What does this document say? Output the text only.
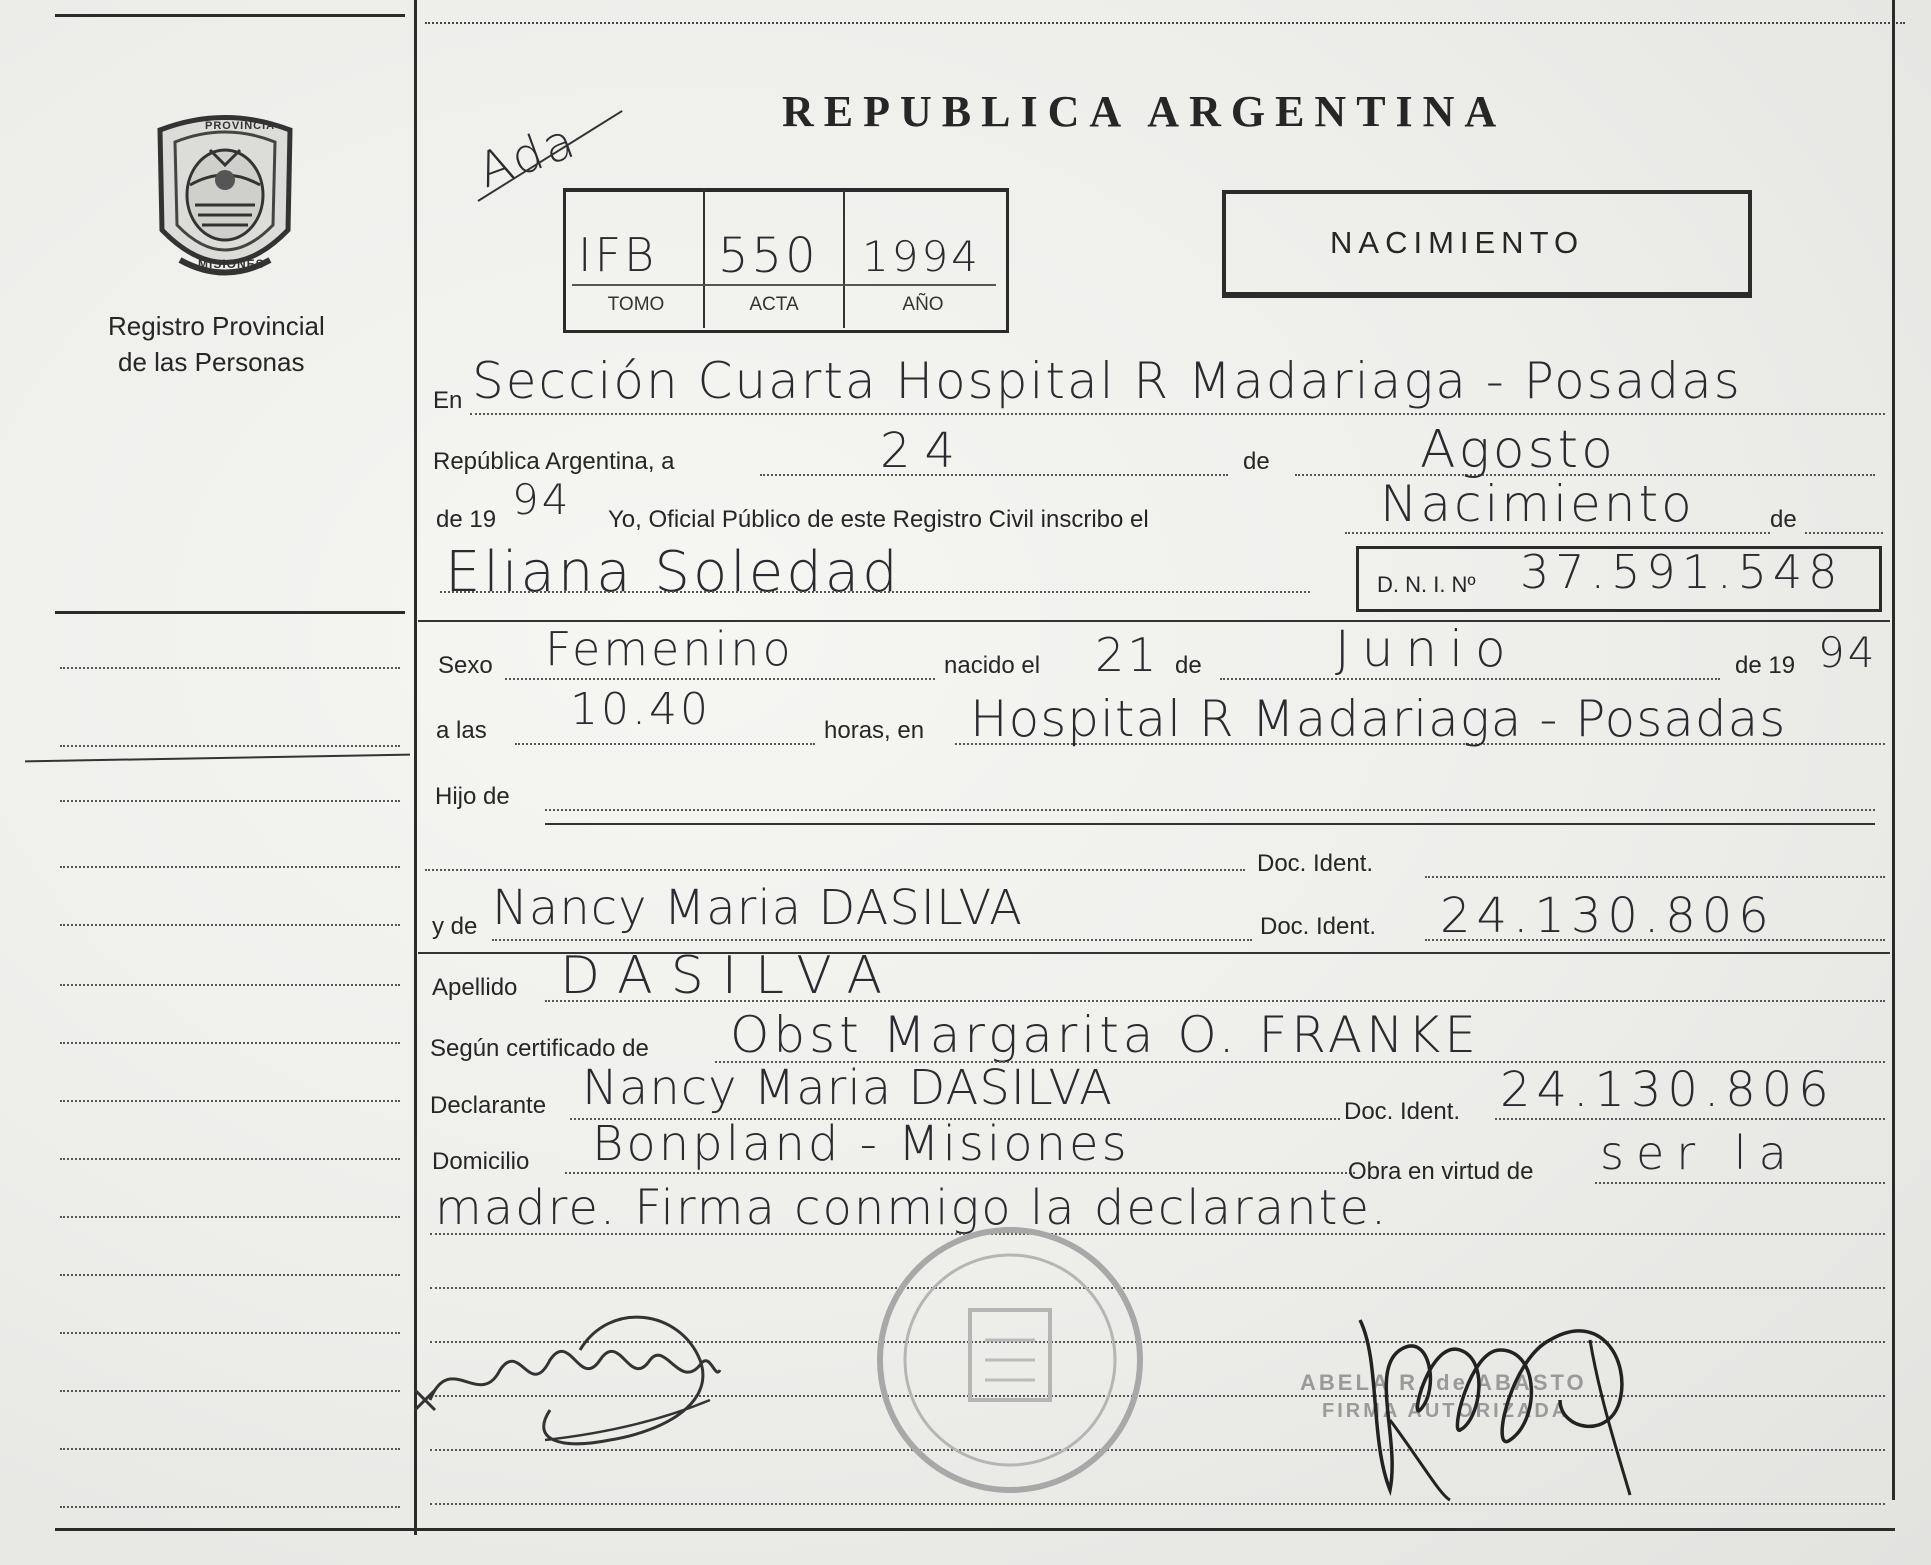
PROVINCIA
MISIONES
Registro Provincial
de las Personas
REPUBLICA ARGENTINA
Ada
IFB 550 1994
TOMO	ACTA	AÑO
NACIMIENTO
En Sección Cuarta Hospital R Madariaga - Posadas
República Argentina, a	de
24	Agosto
de 19 94 Yo, Oficial Público de este Registro Civil inscribo el	Nacimiento	de
Eliana Soledad	D. N. I. Nº 37.591.548
Sexo Femenino	nacido el 21 de	Junio	de 19 94
a las 10.40	horas, en Hospital R Madariaga - Posadas
Hijo de
Doc. Ident.
y de Nancy Maria DASILVA	Doc. Ident. 24.130.806
Apellido DASILVA
Según certificado de Obst Margarita O. FRANKE
Declarante Nancy Maria DASILVA	Doc. Ident. 24.130.806
Domicilio Bonpland - Misiones	Obra en virtud de ser la
madre. Firma conmigo la declarante.
ABELA R. de ABASTO
FIRMA AUTORIZADA
